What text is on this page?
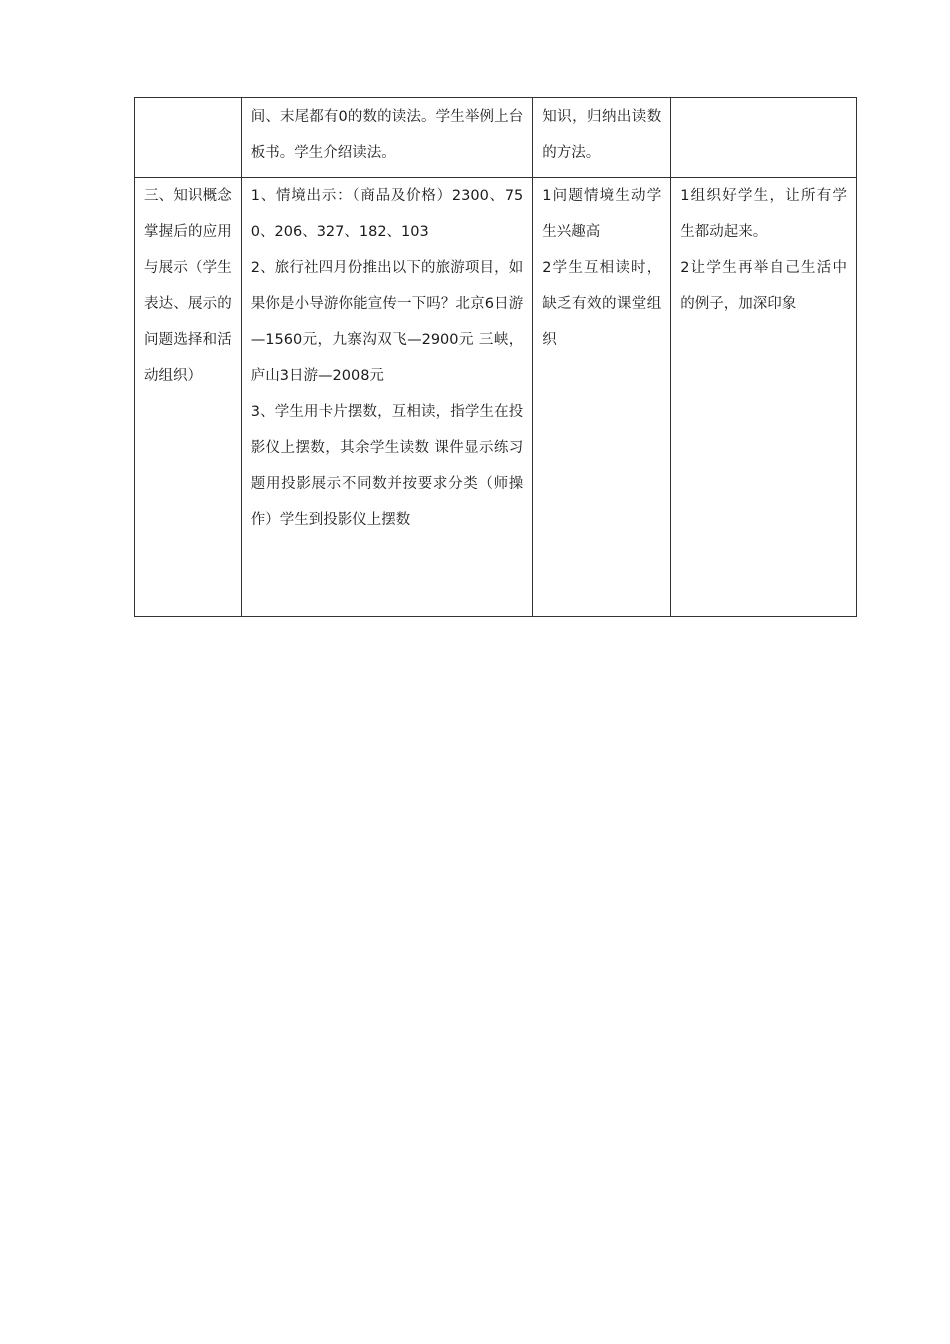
	间、末尾都有0的数的读法。学生举例上台板书。学生介绍读法。	知识，归纳出读数的方法。	

三、知识概念掌握后的应用与展示（学生表达、展示的问题选择和活动组织）	1、情境出示：（商品及价格）2300、750、206、327、182、103
2、旅行社四月份推出以下的旅游项目，如果你是小导游你能宣传一下吗？北京6日游—1560元，九寨沟双飞—2900元 三峡，庐山3日游—2008元
3、学生用卡片摆数，互相读，指学生在投影仪上摆数，其余学生读数 课件显示练习题用投影展示不同数并按要求分类（师操作）学生到投影仪上摆数	1问题情境生动学生兴趣高
2学生互相读时，缺乏有效的课堂组织	1组织好学生，让所有学生都动起来。
2让学生再举自己生活中的例子，加深印象
